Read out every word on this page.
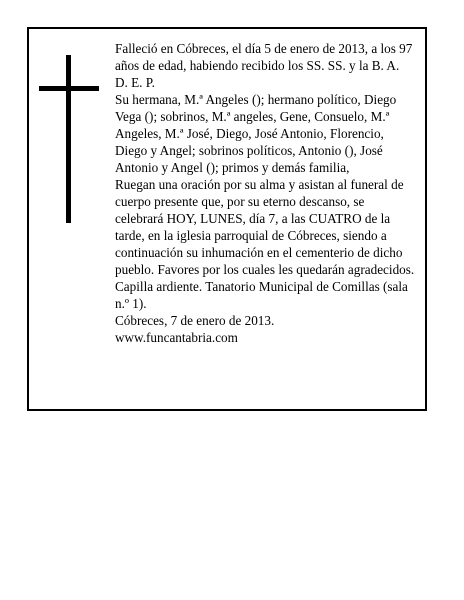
Falleció en Cóbreces, el día 5 de enero de 2013, a los 97 años de edad, habiendo recibido los SS. SS. y la B. A.

D. E. P.

Su hermana, M.ª Angeles (); hermano político, Diego Vega (); sobrinos, M.ª angeles, Gene, Consuelo, M.ª Angeles, M.ª José, Diego, José Antonio, Florencio, Diego y Angel; sobrinos políticos, Antonio (), José Antonio y Angel (); primos y demás familia,

Ruegan una oración por su alma y asistan al funeral de cuerpo presente que, por su eterno descanso, se celebrará HOY, LUNES, día 7, a las CUATRO de la tarde, en la iglesia parroquial de Cóbreces, siendo a continuación su inhumación en el cementerio de dicho pueblo. Favores por los cuales les quedarán agradecidos. Capilla ardiente. Tanatorio Municipal de Comillas (sala n.º 1).

Cóbreces, 7 de enero de 2013.

www.funcantabria.com
